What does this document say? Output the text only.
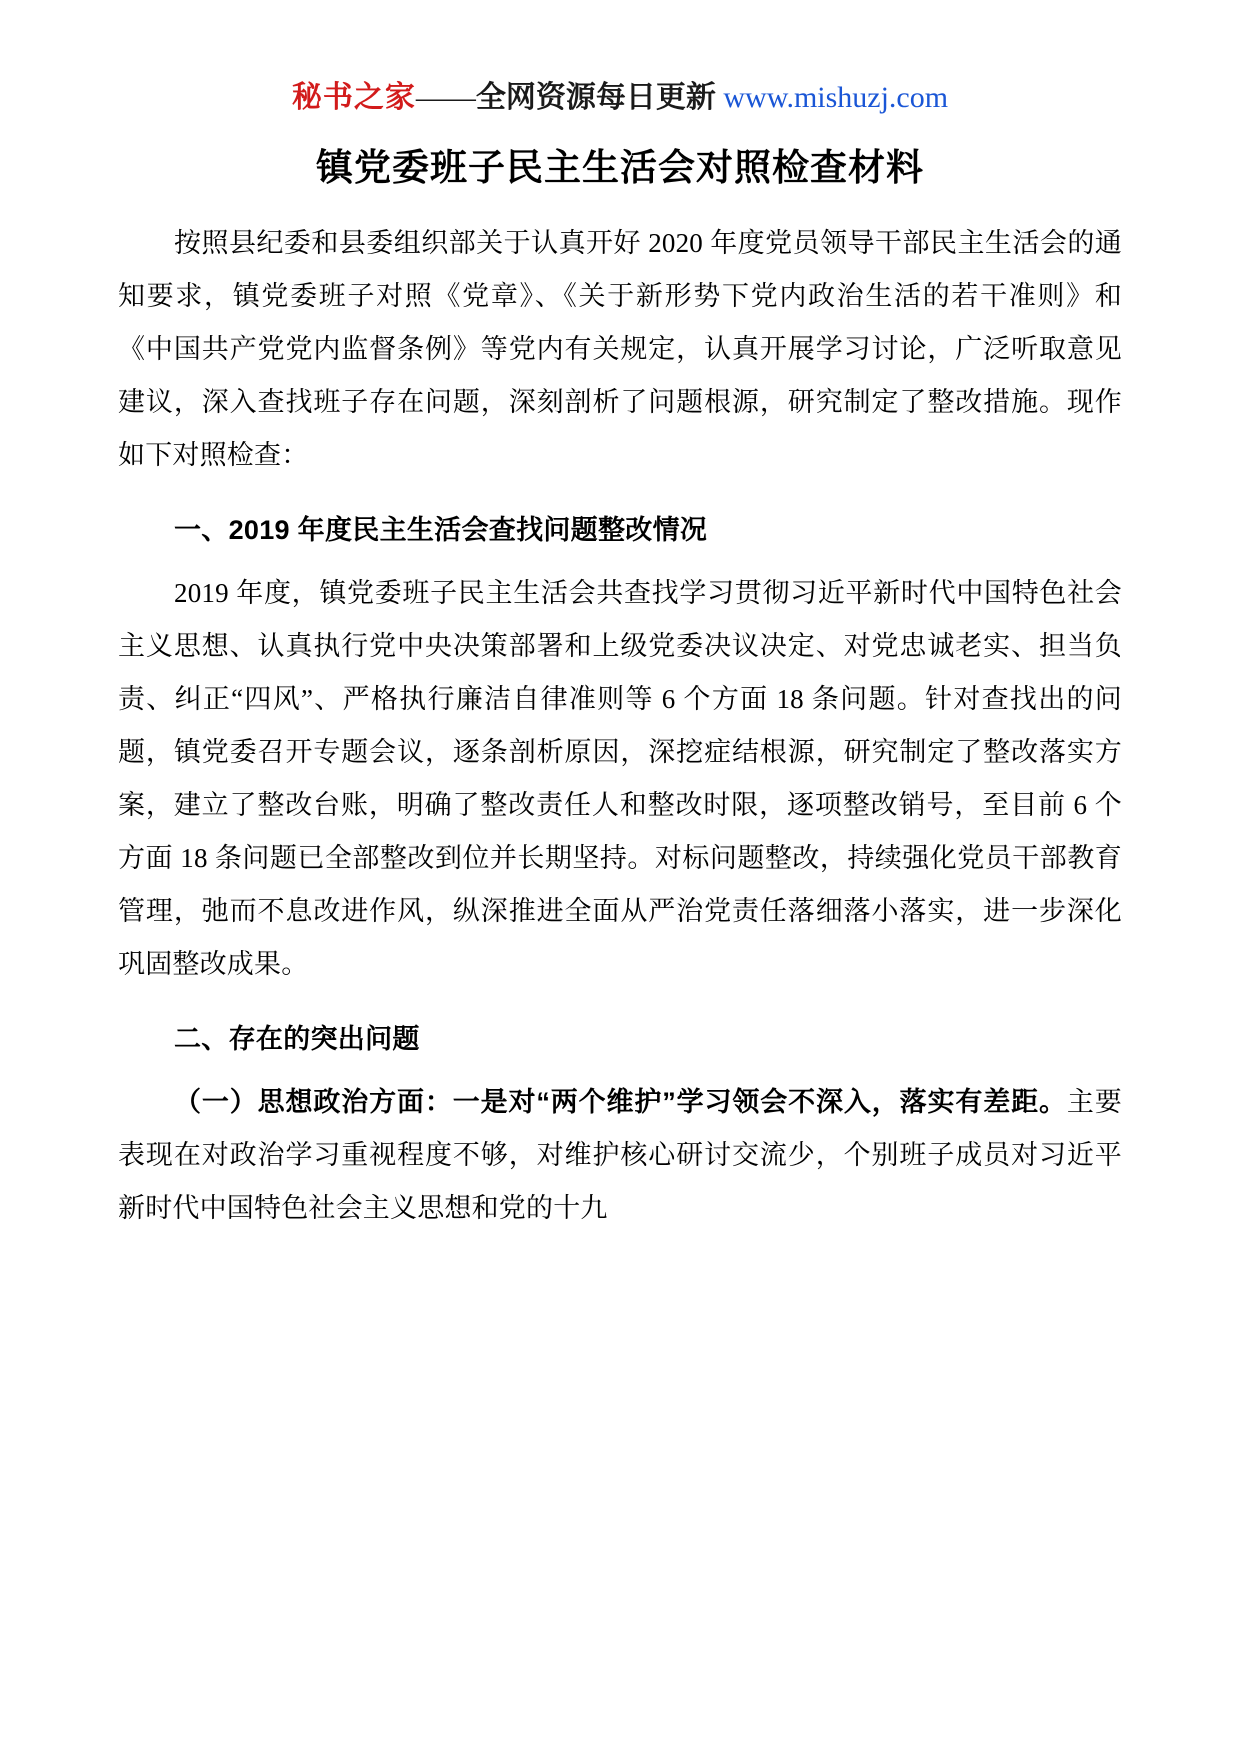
秘书之家——全网资源每日更新 www.mishuzj.com
镇党委班子民主生活会对照检查材料

按照县纪委和县委组织部关于认真开好 2020 年度党员领导干部民主生活会的通知要求，镇党委班子对照《党章》、《关于新形势下党内政治生活的若干准则》和《中国共产党党内监督条例》等党内有关规定，认真开展学习讨论，广泛听取意见建议，深入查找班子存在问题，深刻剖析了问题根源，研究制定了整改措施。现作如下对照检查：

一、2019 年度民主生活会查找问题整改情况

2019 年度，镇党委班子民主生活会共查找学习贯彻习近平新时代中国特色社会主义思想、认真执行党中央决策部署和上级党委决议决定、对党忠诚老实、担当负责、纠正“四风”、严格执行廉洁自律准则等 6 个方面 18 条问题。针对查找出的问题，镇党委召开专题会议，逐条剖析原因，深挖症结根源，研究制定了整改落实方案，建立了整改台账，明确了整改责任人和整改时限，逐项整改销号，至目前 6 个方面 18 条问题已全部整改到位并长期坚持。对标问题整改，持续强化党员干部教育管理，弛而不息改进作风，纵深推进全面从严治党责任落细落小落实，进一步深化巩固整改成果。

二、存在的突出问题

（一）思想政治方面：一是对“两个维护”学习领会不深入，落实有差距。主要表现在对政治学习重视程度不够，对维护核心研讨交流少，个别班子成员对习近平新时代中国特色社会主义思想和党的十九
